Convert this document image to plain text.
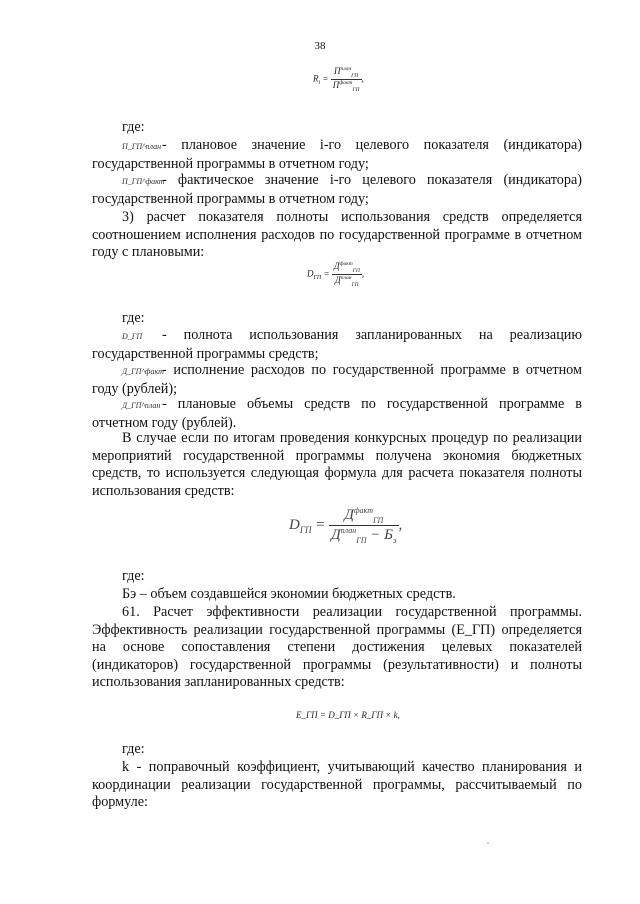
38
$R_i = \frac{П^{план}_{ГП}}{П^{факт}_{ГП}}$ ,
где:
П_ГП^план- плановое значение i-го целевого показателя (индикатора) государственной программы в отчетном году;
П_ГП^факт- фактическое значение i-го целевого показателя (индикатора) государственной программы в отчетном году;
3) расчет показателя полноты использования средств определяется соотношением исполнения расходов по государственной программе в отчетном году с плановыми:
$D_{ГП} = \frac{Д^{факт}_{ГП}}{Д^{план}_{ГП}}$ ,
где:
D_ГП - полнота использования запланированных на реализацию государственной программы средств;
Д_ГП^факт- исполнение расходов по государственной программе в отчетном году (рублей);
Д_ГП^план - плановые объемы средств по государственной программе в отчетном году (рублей).
В случае если по итогам проведения конкурсных процедур по реализации мероприятий государственной программы получена экономия бюджетных средств, то используется следующая формула для расчета показателя полноты использования средств:
$D_{ГП} = \frac{Д^{факт}_{ГП}}{Д^{план}_{ГП} - Б_э}$ ,
где:
Бэ – объем создавшейся экономии бюджетных средств.
61. Расчет эффективности реализации государственной программы. Эффективность реализации государственной программы (E_ГП) определяется на основе сопоставления степени достижения целевых показателей (индикаторов) государственной программы (результативности) и полноты использования запланированных средств:
E_ГП = D_ГП × R_ГП × k,
где:
k - поправочный коэффициент, учитывающий качество планирования и координации реализации государственной программы, рассчитываемый по формуле:
